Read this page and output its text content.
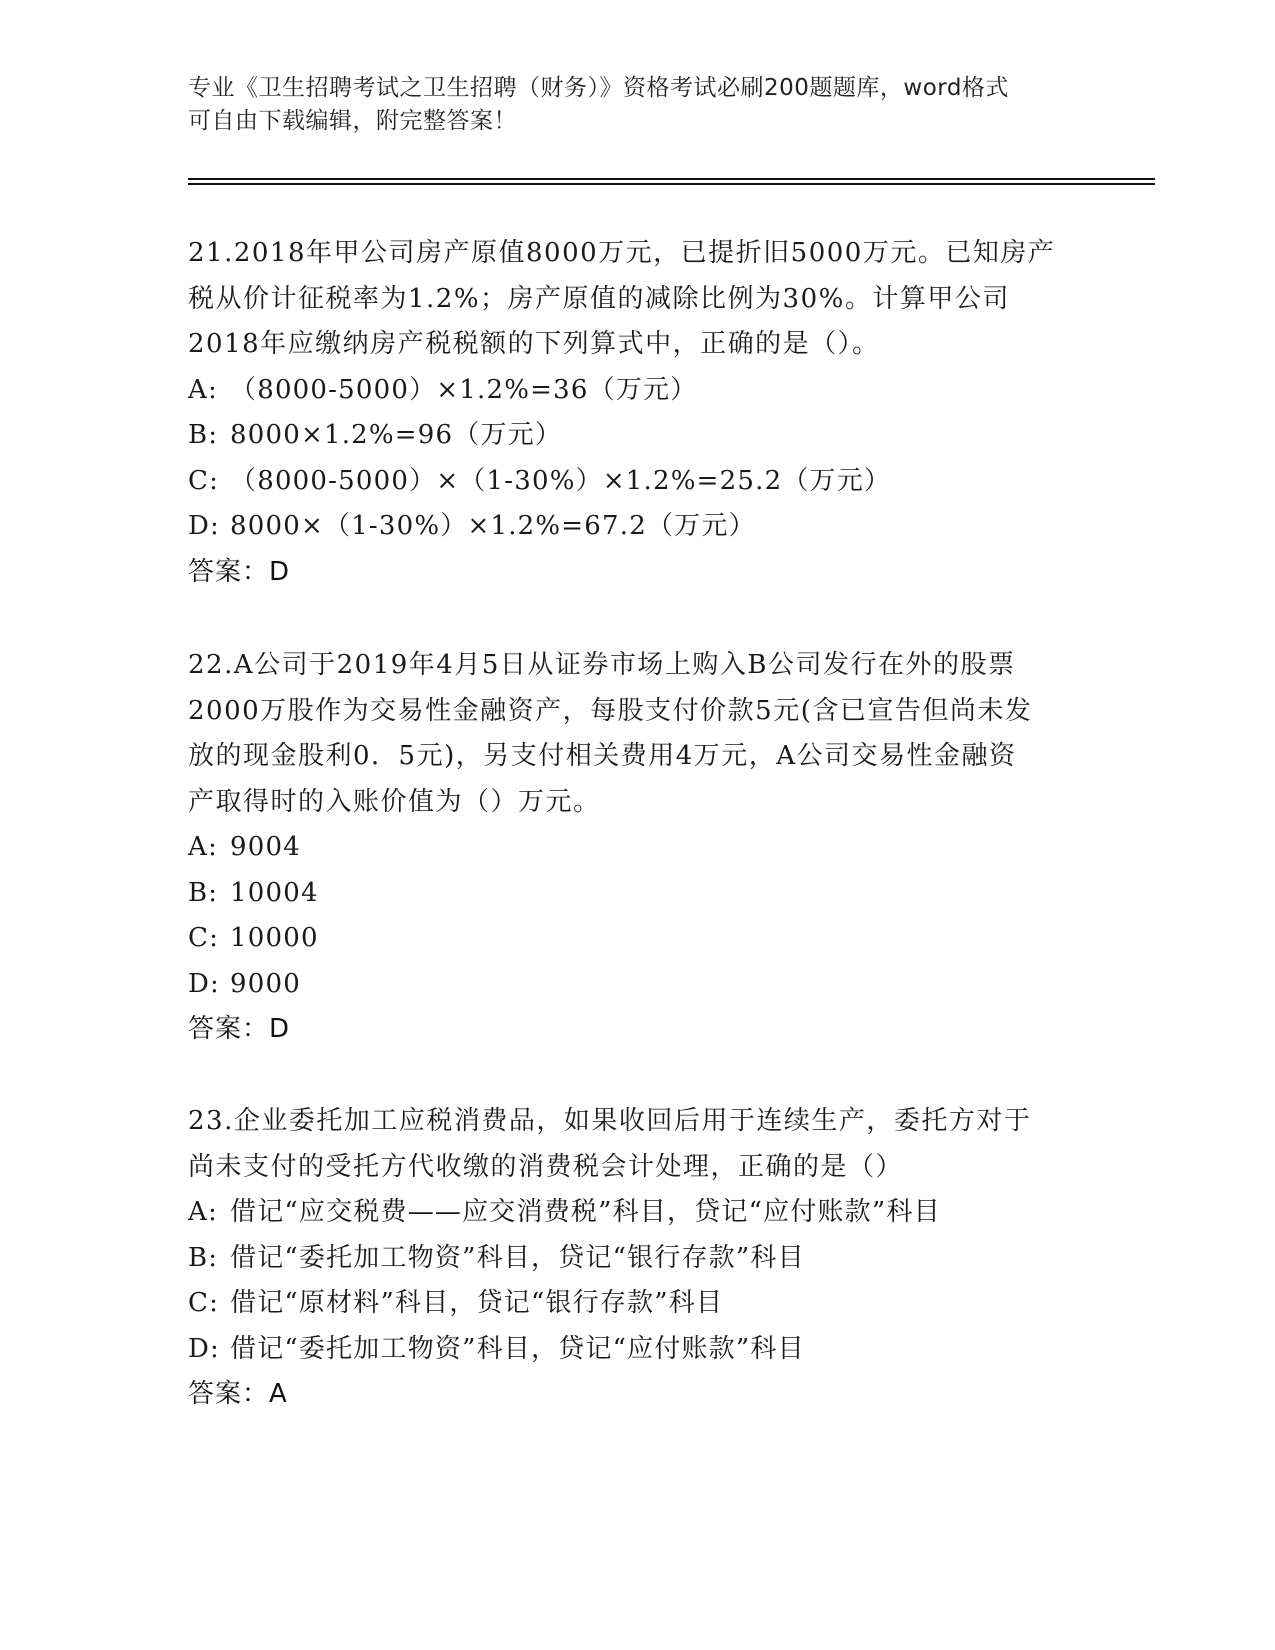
专业《卫生招聘考试之卫生招聘（财务）》资格考试必刷200题题库，word格式
可自由下载编辑，附完整答案！
21.2018年甲公司房产原值8000万元，已提折旧5000万元。已知房产
税从价计征税率为1.2%；房产原值的减除比例为30%。计算甲公司
2018年应缴纳房产税税额的下列算式中，正确的是（）。
A: （8000-5000）×1.2%=36（万元）
B: 8000×1.2%=96（万元）
C: （8000-5000）×（1-30%）×1.2%=25.2（万元）
D: 8000×（1-30%）×1.2%=67.2（万元）
答案：D
22.A公司于2019年4月5日从证券市场上购入B公司发行在外的股票
2000万股作为交易性金融资产，每股支付价款5元(含已宣告但尚未发
放的现金股利0．5元)，另支付相关费用4万元，A公司交易性金融资
产取得时的入账价值为（）万元。
A: 9004
B: 10004
C: 10000
D: 9000
答案：D
23.企业委托加工应税消费品，如果收回后用于连续生产，委托方对于
尚未支付的受托方代收缴的消费税会计处理，正确的是（）
A: 借记“应交税费——应交消费税”科目，贷记“应付账款”科目
B: 借记“委托加工物资”科目，贷记“银行存款”科目
C: 借记“原材料”科目，贷记“银行存款”科目
D: 借记“委托加工物资”科目，贷记“应付账款”科目
答案：A
